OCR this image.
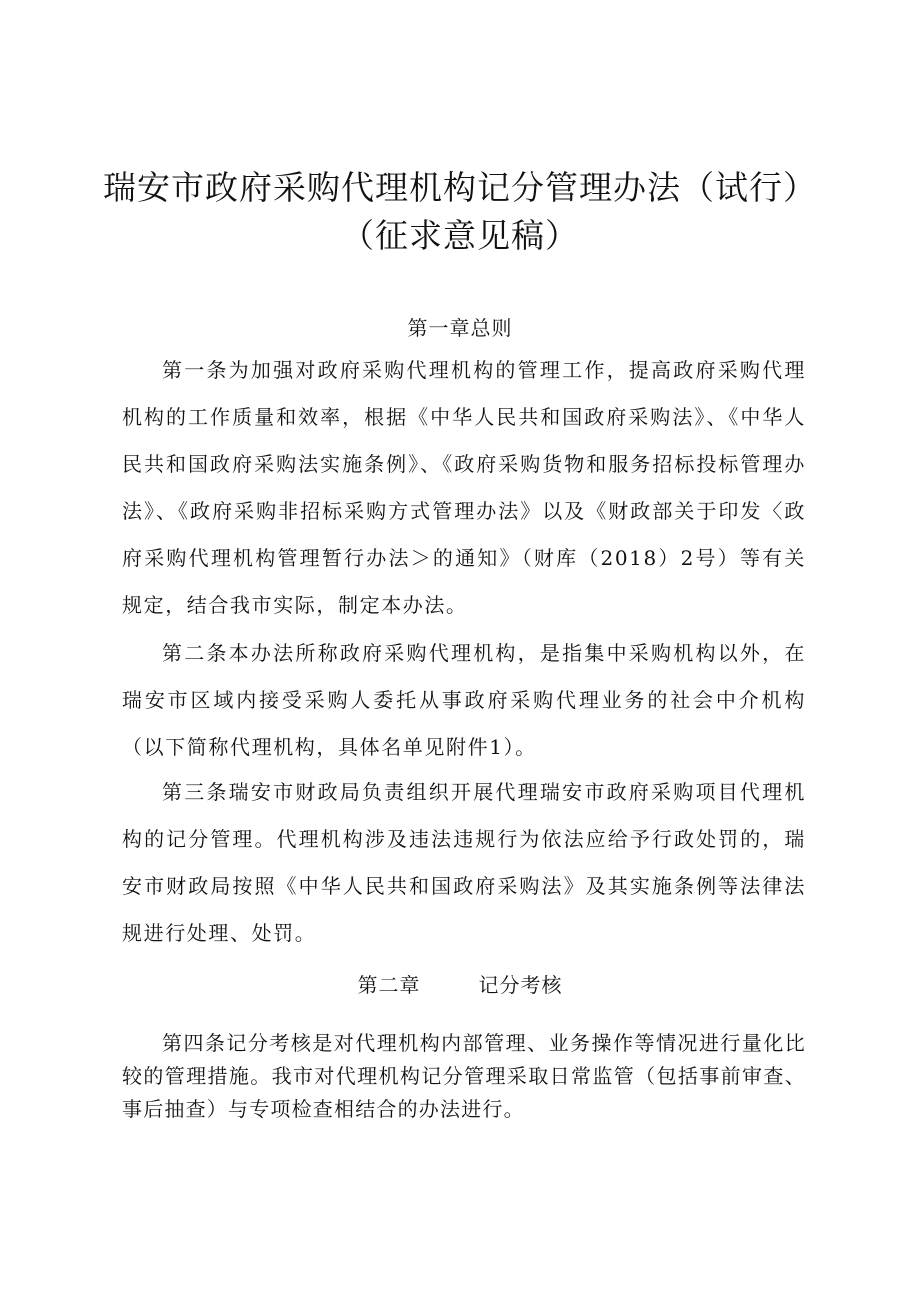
瑞安市政府采购代理机构记分管理办法（试行）
（征求意见稿）
第一章总则

第一条为加强对政府采购代理机构的管理工作，提高政府采购代理机构的工作质量和效率，根据《中华人民共和国政府采购法》、《中华人民共和国政府采购法实施条例》、《政府采购货物和服务招标投标管理办法》、《政府采购非招标采购方式管理办法》以及《财政部关于印发〈政府采购代理机构管理暂行办法＞的通知》（财库（2018）2号）等有关规定，结合我市实际，制定本办法。

第二条本办法所称政府采购代理机构，是指集中采购机构以外，在瑞安市区域内接受采购人委托从事政府采购代理业务的社会中介机构（以下简称代理机构，具体名单见附件1）。

第三条瑞安市财政局负责组织开展代理瑞安市政府采购项目代理机构的记分管理。代理机构涉及违法违规行为依法应给予行政处罚的，瑞安市财政局按照《中华人民共和国政府采购法》及其实施条例等法律法规进行处理、处罚。

第二章	记分考核

第四条记分考核是对代理机构内部管理、业务操作等情况进行量化比较的管理措施。我市对代理机构记分管理采取日常监管（包括事前审查、事后抽查）与专项检查相结合的办法进行。
